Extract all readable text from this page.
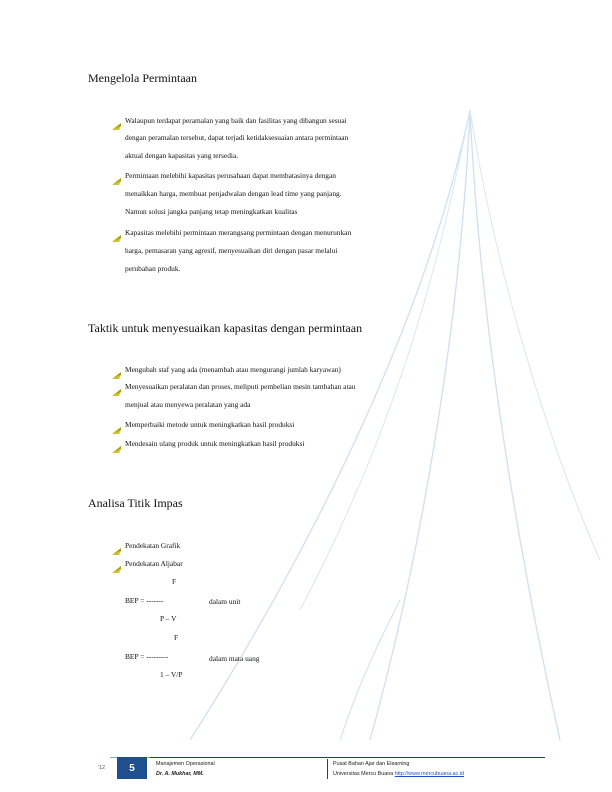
Mengelola Permintaan
Walaupun terdapat peramalan yang baik dan fasilitas yang dibangun sesuai
dengan peramalan tersebut, dapat terjadi ketidaksesuaian antara permintaan
aktual dengan kapasitas yang tersedia.
Permintaan melebihi kapasitas perusahaan dapat membatasinya dengan
menaikkan harga, membuat penjadwalan dengan lead time yang panjang.
Namun solusi jangka panjang tetap meningkatkan kualitas
Kapasitas melebihi permintaan merangsang permintaan dengan menurunkan
harga, pemasaran yang agresif, menyesuaikan diri dengan pasar melalui
perubahan produk.
Taktik untuk menyesuaikan kapasitas dengan permintaan
Mengubah staf yang ada (menambah atau mengurangi jumlah karyawan)
Menyesuaikan peralatan dan proses, meliputi pembelian mesin tambahan atau
menjual atau menyewa peralatan yang ada
Memperbaiki metode untuk meningkatkan hasil produksi
Mendesain ulang produk untuk meningkatkan hasil produksi
Analisa Titik Impas
Pendekatan Grafik
Pendekatan Aljabar
F
BEP = -------	dalam unit
P – V
F
BEP = ---------	dalam mata uang
1 – V/P
'12	5	Manajemen Operasional
Dr. A. Mukhar, MM.
Pusat Bahan Ajar dan Elearning
Universitas Mercu Buana http://www.mercubuana.ac.id
